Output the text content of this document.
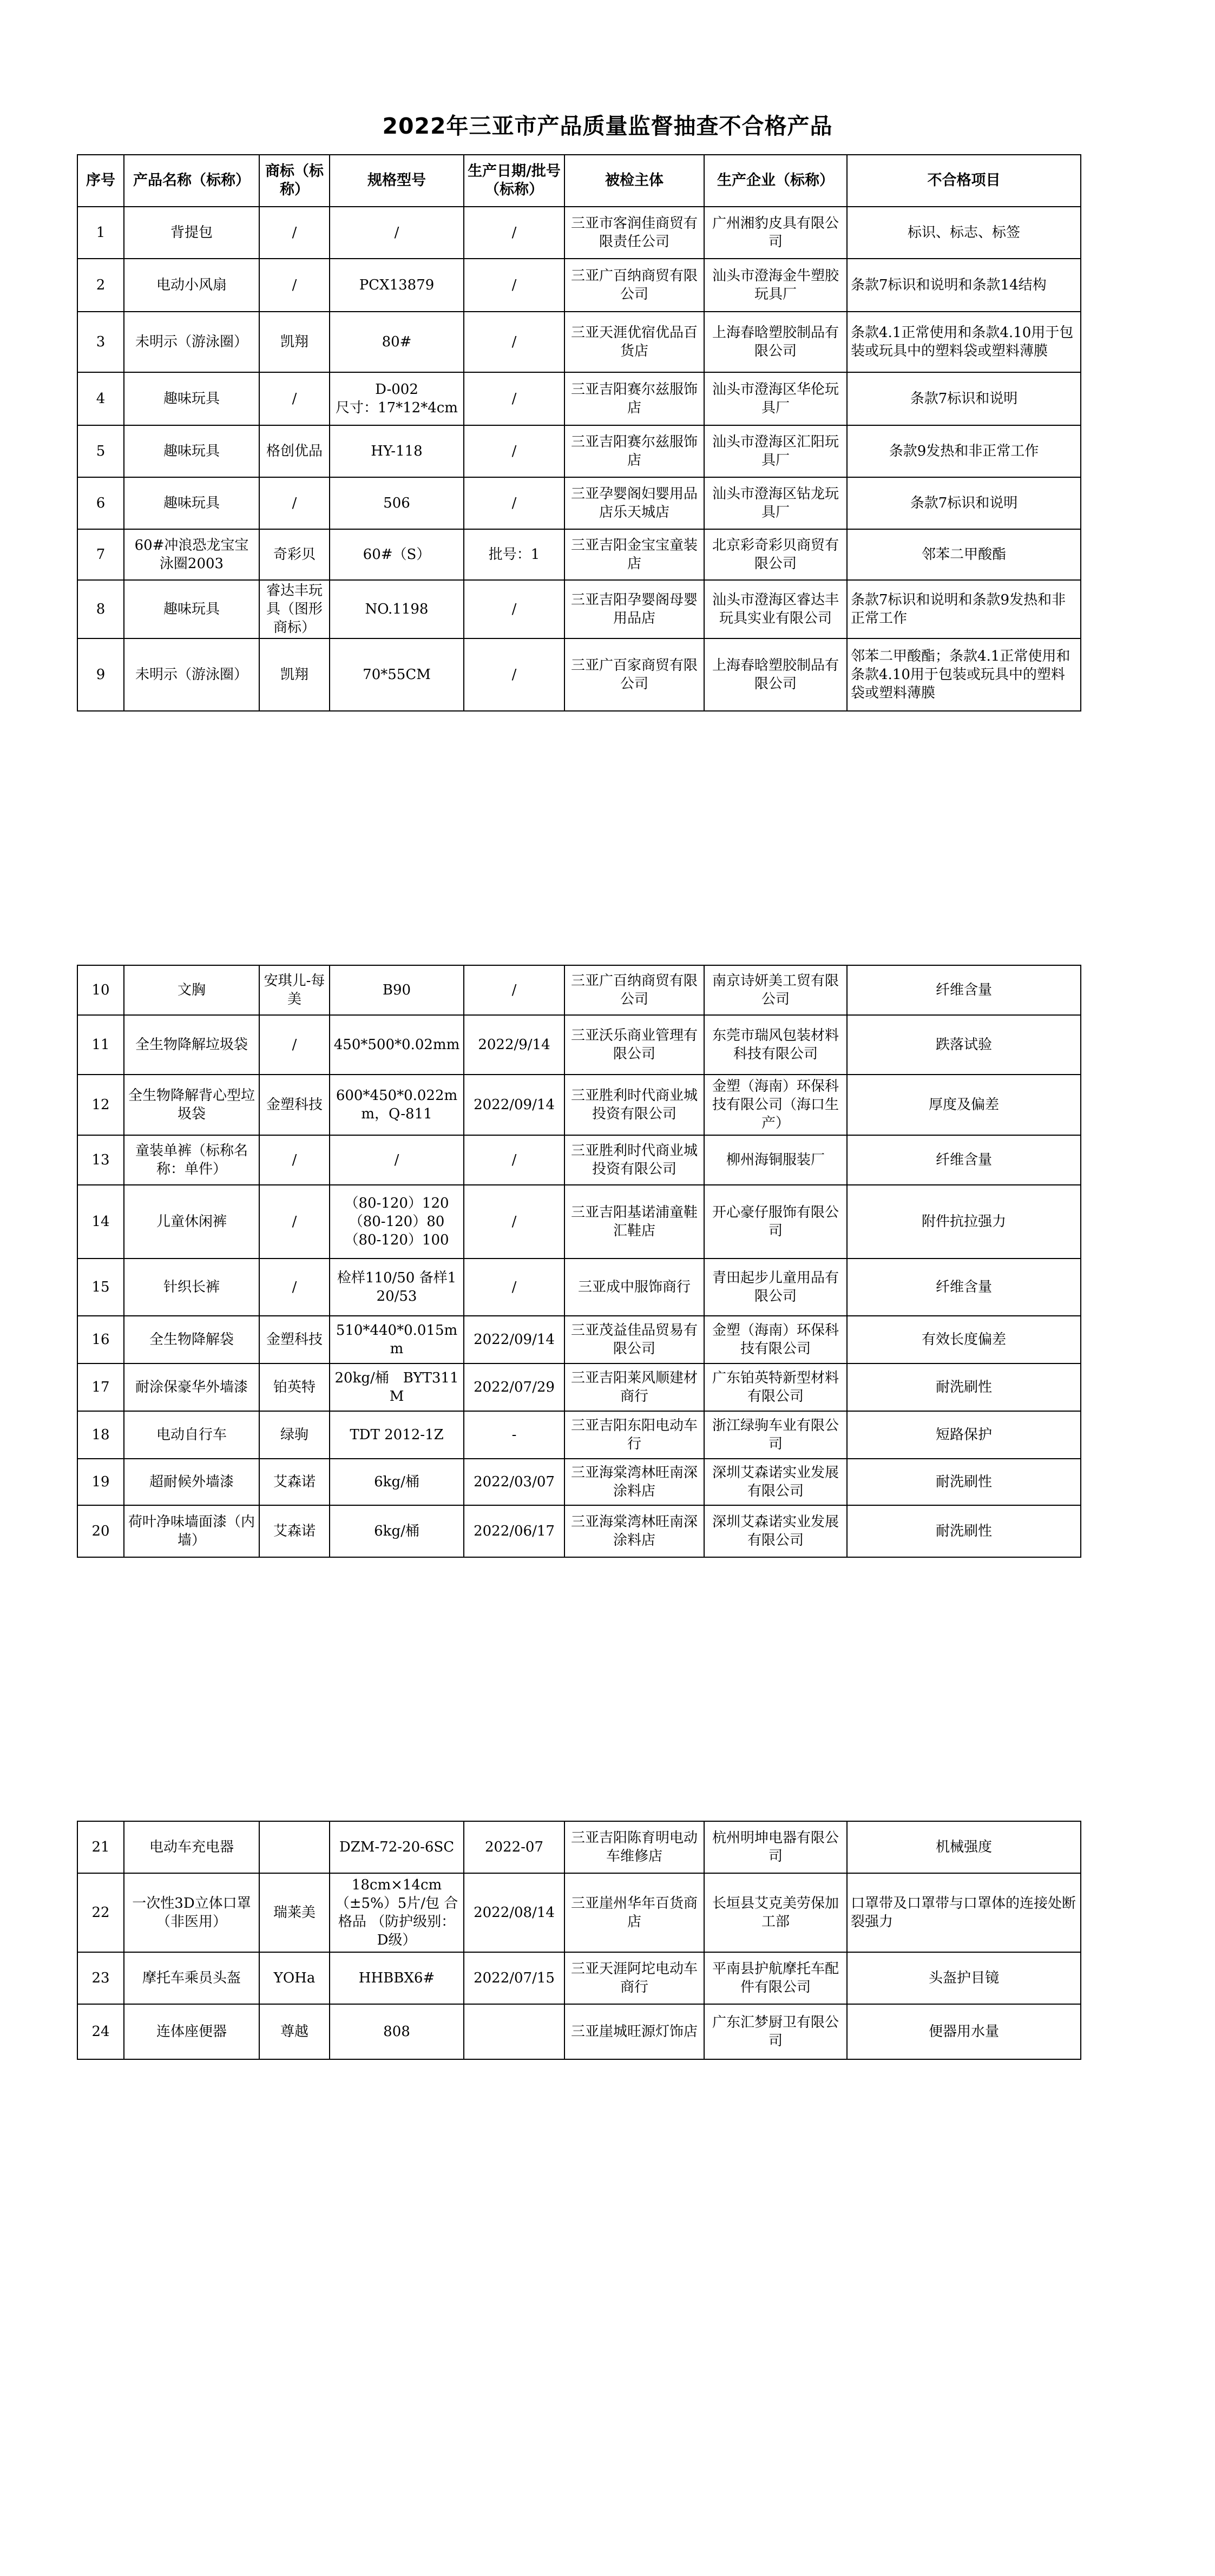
2022年三亚市产品质量监督抽查不合格产品
序号	产品名称（标称）	商标（标称）	规格型号	生产日期/批号（标称）	被检主体	生产企业（标称）	不合格项目
1	背提包	/	/	/	三亚市客润佳商贸有限责任公司	广州湘豹皮具有限公司	标识、标志、标签
2	电动小风扇	/	PCX13879	/	三亚广百纳商贸有限公司	汕头市澄海金牛塑胶玩具厂	条款7标识和说明和条款14结构
3	未明示（游泳圈）	凯翔	80#	/	三亚天涯优宿优品百货店	上海春晗塑胶制品有限公司	条款4.1正常使用和条款4.10用于包装或玩具中的塑料袋或塑料薄膜
4	趣味玩具	/	D-002
尺寸：17*12*4cm	/	三亚吉阳赛尔兹服饰店	汕头市澄海区华伦玩具厂	条款7标识和说明
5	趣味玩具	格创优品	HY-118	/	三亚吉阳赛尔兹服饰店	汕头市澄海区汇阳玩具厂	条款9发热和非正常工作
6	趣味玩具	/	506	/	三亚孕婴阁妇婴用品店乐天城店	汕头市澄海区钻龙玩具厂	条款7标识和说明
7	60#冲浪恐龙宝宝泳圈2003	奇彩贝	60#（S）	批号：1	三亚吉阳金宝宝童装店	北京彩奇彩贝商贸有限公司	邻苯二甲酸酯
8	趣味玩具	睿达丰玩具（图形商标）	NO.1198	/	三亚吉阳孕婴阁母婴用品店	汕头市澄海区睿达丰玩具实业有限公司	条款7标识和说明和条款9发热和非正常工作
9	未明示（游泳圈）	凯翔	70*55CM	/	三亚广百家商贸有限公司	上海春晗塑胶制品有限公司	邻苯二甲酸酯；条款4.1正常使用和条款4.10用于包装或玩具中的塑料袋或塑料薄膜
10	文胸	安琪儿-每美	B90	/	三亚广百纳商贸有限公司	南京诗妍美工贸有限公司	纤维含量
11	全生物降解垃圾袋	/	450*500*0.02mm	2022/9/14	三亚沃乐商业管理有限公司	东莞市瑞风包装材料科技有限公司	跌落试验
12	全生物降解背心型垃圾袋	金塑科技	600*450*0.022mm，Q-811	2022/09/14	三亚胜利时代商业城投资有限公司	金塑（海南）环保科技有限公司（海口生产）	厚度及偏差
13	童装单裤（标称名称：单件）	/	/	/	三亚胜利时代商业城投资有限公司	柳州海铜服装厂	纤维含量
14	儿童休闲裤	/	（80-120）120
（80-120）80
（80-120）100	/	三亚吉阳基诺浦童鞋汇鞋店	开心豪仔服饰有限公司	附件抗拉强力
15	针织长裤	/	检样110/50 备样120/53	/	三亚成中服饰商行	青田起步儿童用品有限公司	纤维含量
16	全生物降解袋	金塑科技	510*440*0.015mm	2022/09/14	三亚茂益佳品贸易有限公司	金塑（海南）环保科技有限公司	有效长度偏差
17	耐涂保豪华外墙漆	铂英特	20kg/桶　BYT311M	2022/07/29	三亚吉阳莱风顺建材商行	广东铂英特新型材料有限公司	耐洗刷性
18	电动自行车	绿驹	TDT 2012-1Z	-	三亚吉阳东阳电动车行	浙江绿驹车业有限公司	短路保护
19	超耐候外墙漆	艾森诺	6kg/桶	2022/03/07	三亚海棠湾林旺南深涂料店	深圳艾森诺实业发展有限公司	耐洗刷性
20	荷叶净味墙面漆（内墙）	艾森诺	6kg/桶	2022/06/17	三亚海棠湾林旺南深涂料店	深圳艾森诺实业发展有限公司	耐洗刷性
21	电动车充电器		DZM-72-20-6SC	2022-07	三亚吉阳陈育明电动车维修店	杭州明坤电器有限公司	机械强度
22	一次性3D立体口罩（非医用）	瑞莱美	18cm×14cm（±5%）5片/包 合格品 （防护级别：D级）	2022/08/14	三亚崖州华年百货商店	长垣县艾克美劳保加工部	口罩带及口罩带与口罩体的连接处断裂强力
23	摩托车乘员头盔	YOHa	HHBBX6#	2022/07/15	三亚天涯阿坨电动车商行	平南县护航摩托车配件有限公司	头盔护目镜
24	连体座便器	尊越	808		三亚崖城旺源灯饰店	广东汇梦厨卫有限公司	便器用水量
